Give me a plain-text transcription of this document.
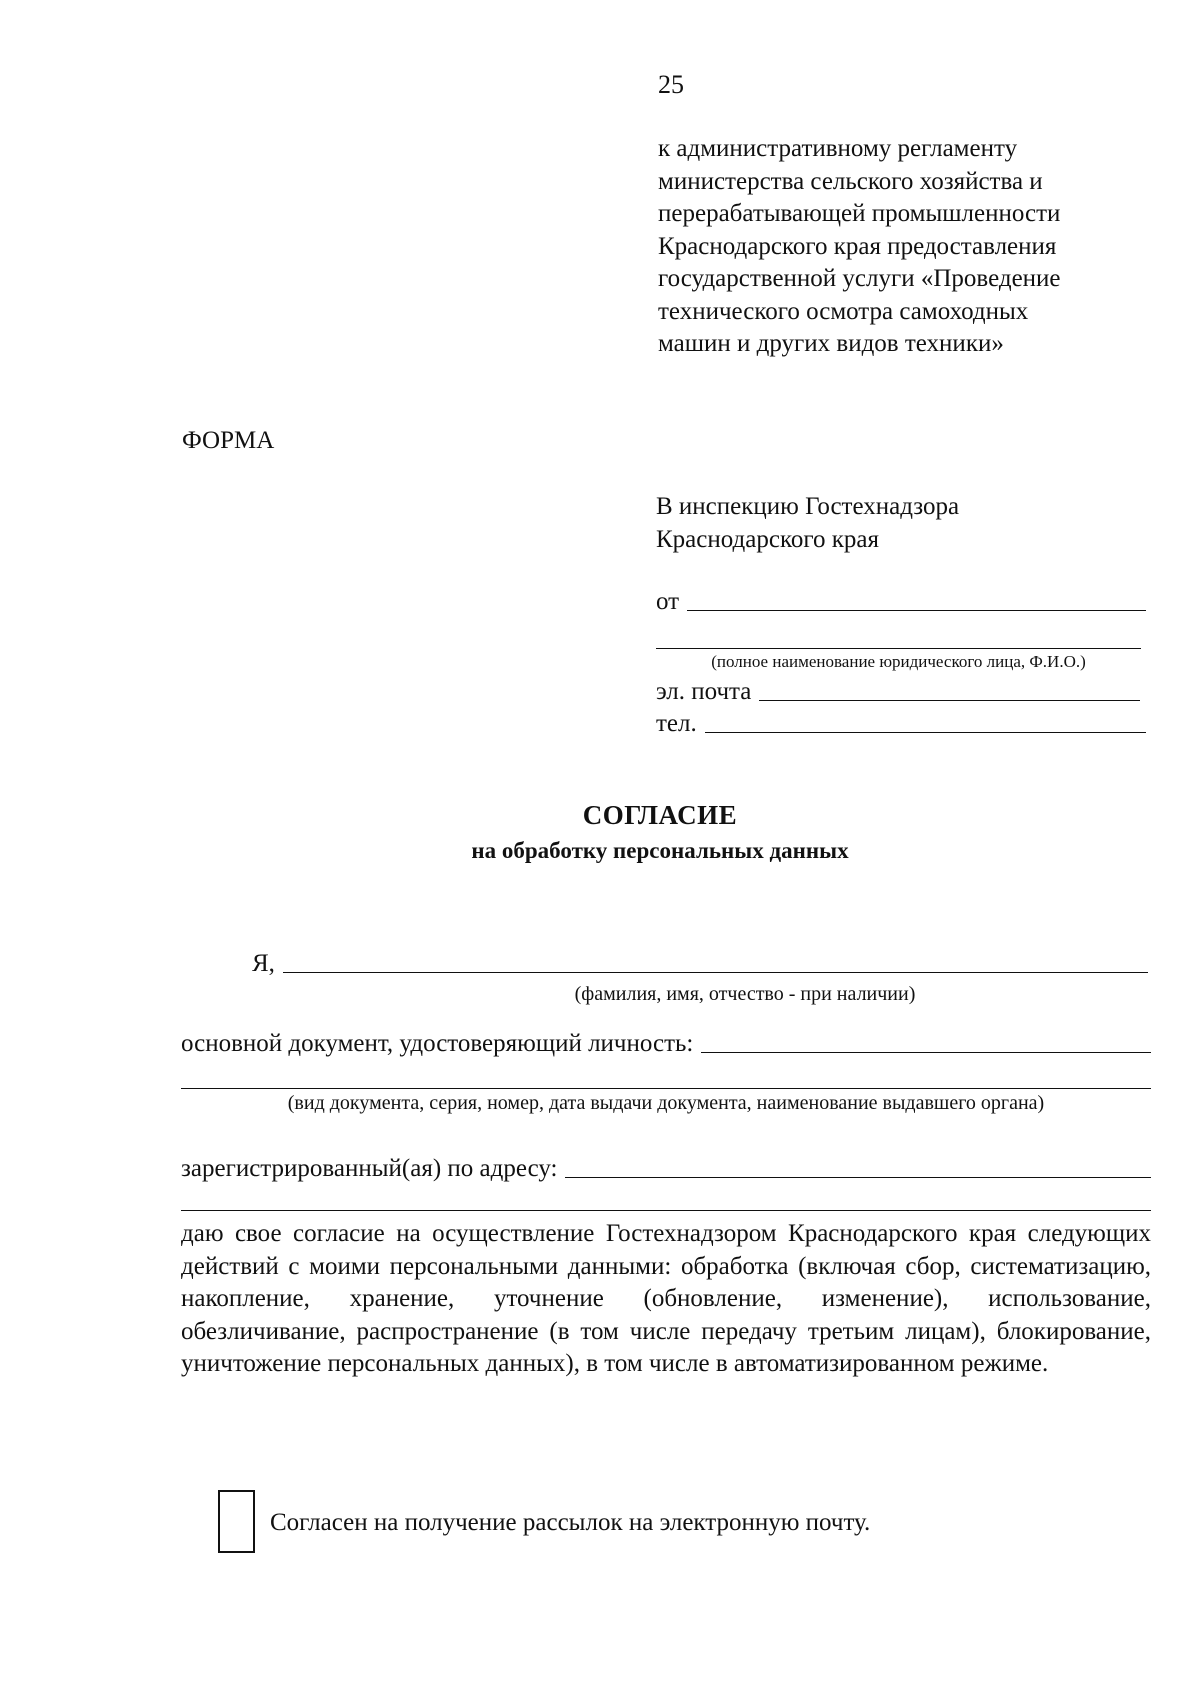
25
к административному регламенту
министерства сельского хозяйства и
перерабатывающей промышленности
Краснодарского края предоставления
государственной услуги «Проведение
технического осмотра самоходных
машин и других видов техники»
ФОРМА
В инспекцию Гостехнадзора
Краснодарского края
от
(полное наименование юридического лица, Ф.И.О.)
эл. почта
тел.
СОГЛАСИЕ
на обработку персональных данных
Я,
(фамилия, имя, отчество - при наличии)
основной документ, удостоверяющий личность:
(вид документа, серия, номер, дата выдачи документа, наименование выдавшего органа)
зарегистрированный(ая) по адресу:
даю свое согласие на осуществление Гостехнадзором Краснодарского края следующих действий с моими персональными данными: обработка (включая сбор, систематизацию, накопление, хранение, уточнение (обновление, изменение), использование, обезличивание, распространение (в том числе передачу третьим лицам), блокирование, уничтожение персональных данных), в том числе в автоматизированном режиме.
Согласен на получение рассылок на электронную почту.
